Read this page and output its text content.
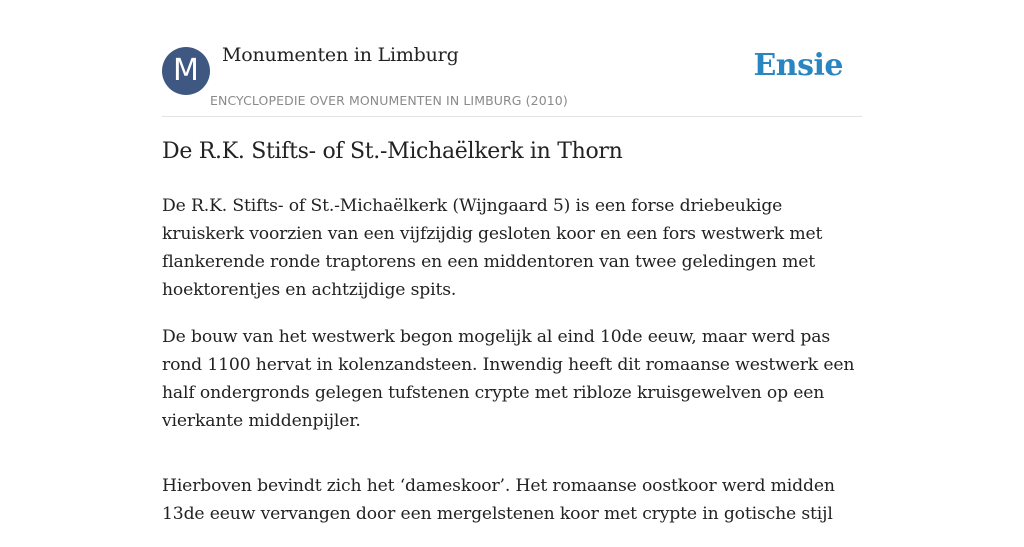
M	Monumenten in Limburg
ENCYCLOPEDIE OVER MONUMENTEN IN LIMBURG (2010)
Ensie
De R.K. Stifts- of St.-Michaëlkerk in Thorn

De R.K. Stifts- of St.-Michaëlkerk (Wijngaard 5) is een forse driebeukige kruiskerk voorzien van een vijfzijdig gesloten koor en een fors westwerk met flankerende ronde traptorens en een middentoren van twee geledingen met hoektorentjes en achtzijdige spits.

De bouw van het westwerk begon mogelijk al eind 10de eeuw, maar werd pas rond 1100 hervat in kolenzandsteen. Inwendig heeft dit romaanse westwerk een half ondergronds gelegen tufstenen crypte met ribloze kruisgewelven op een vierkante middenpijler.

Hierboven bevindt zich het ‘dameskoor’. Het romaanse oostkoor werd midden 13de eeuw vervangen door een mergelstenen koor met crypte in gotische stijl
